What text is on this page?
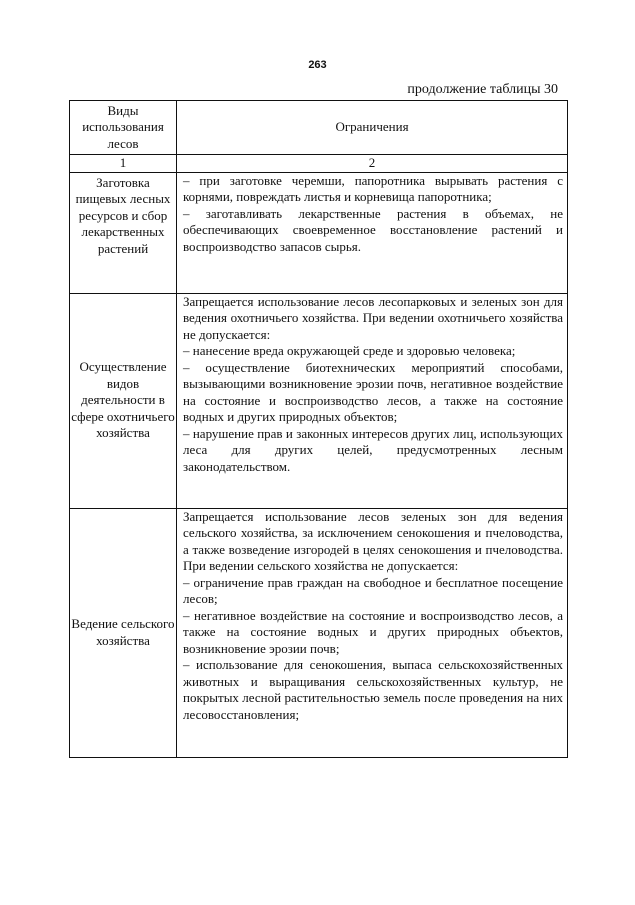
263
продолжение таблицы 30
Виды использования лесов	Ограничения
1	2
Заготовка пищевых лесных ресурсов и сбор лекарственных растений	– при заготовке черемши, папоротника вырывать растения с корнями, повреждать листья и корневища папоротника;

– заготавливать лекарственные растения в объемах, не обеспечивающих своевременное восстановление растений и воспроизводство запасов сырья.

Осуществление видов деятельности в сфере охотничьего хозяйства	Запрещается использование лесов лесопарковых и зеленых зон для ведения охотничьего хозяйства. При ведении охотничьего хозяйства не допускается:

– нанесение вреда окружающей среде и здоровью человека;

– осуществление биотехнических мероприятий способами, вызывающими возникновение эрозии почв, негативное воздействие на состояние и воспроизводство лесов, а также на состояние водных и других природных объектов;

– нарушение прав и законных интересов других лиц, использующих леса для других целей, предусмотренных лесным законодательством.

Ведение сельского хозяйства	Запрещается использование лесов зеленых зон для ведения сельского хозяйства, за исключением сенокошения и пчеловодства, а также возведение изгородей в целях сенокошения и пчеловодства. При ведении сельского хозяйства не допускается:

– ограничение прав граждан на свободное и бесплатное посещение лесов;

– негативное воздействие на состояние и воспроизводство лесов, а также на состояние водных и других природных объектов, возникновение эрозии почв;

– использование для сенокошения, выпаса сельскохозяйственных животных и выращивания сельскохозяйственных культур, не покрытых лесной растительностью земель после проведения на них лесовосстановления;
